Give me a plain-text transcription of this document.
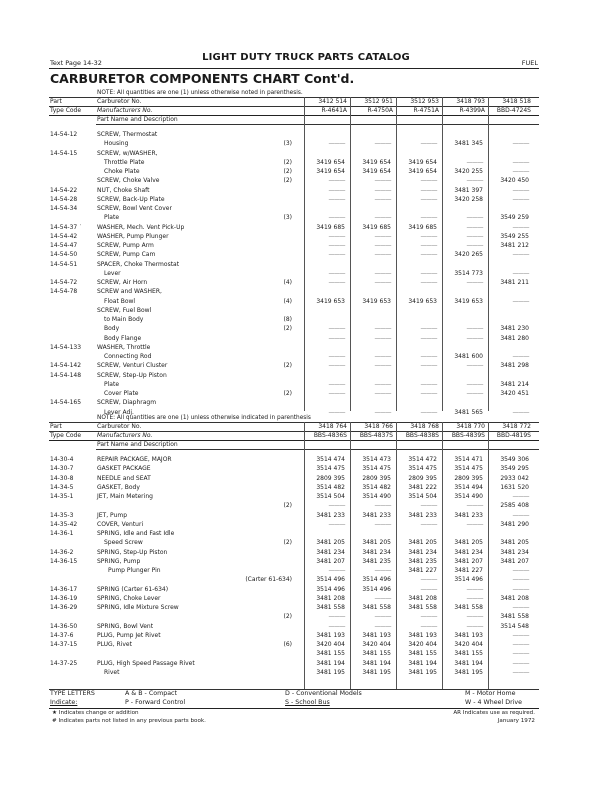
Text Page 14-32	LIGHT DUTY TRUCK PARTS CATALOG	FUEL
CARBURETOR COMPONENTS CHART Cont'd.
NOTE: All quantities are one (1) unless otherwise noted in parenthesis.
Part	Carburetor No.	3412 514	3512 951	3512 953	3418 793	3418 518
Type Code	Manufacturers No.	R-4641A	R-4750A	R-4751A	R-4399A	BBD-4724S
Part Name and Description
14-54-12	SCREW, Thermostat
Housing	(3)	———	———	———	3481 345	———
14-54-15	SCREW, w/WASHER,
Throttle Plate	(2)	3419 654	3419 654	3419 654	———	———
Choke Plate	(2)	3419 654	3419 654	3419 654	3420 255	———
SCREW, Choke Valve	(2)	———	———	———	———	3420 450
14-54-22	NUT, Choke Shaft	———	———	———	3481 397	———
14-54-28	SCREW, Back-Up Plate	———	———	———	3420 258	———
14-54-34	SCREW, Bowl Vent Cover
Plate	(3)	———	———	———	———	3549 259
14-54-37 ˙ WASHER, Mech. Vent Pick-Up	3419 685	3419 685	3419 685	———	———
14-54-42	WASHER, Pump Plunger	———	———	———	———	3549 255
14-54-47	SCREW, Pump Arm	———	———	———	———	3481 212
14-54-50	SCREW, Pump Cam	———	———	———	3420 265	———
14-54-51	SPACER, Choke Thermostat
Lever	———	———	———	3514 773	———
14-54-72	SCREW, Air Horn	(4)	———	———	———	———	3481 211
14-54-78	SCREW and WASHER,
Float Bowl	(4)	3419 653	3419 653	3419 653	3419 653	———
SCREW, Fuel Bowl
to Main Body	(8)
Body	(2)	———	———	———	———	3481 230
Body Flange	———	———	———	———	3481 280
14-54-133	WASHER, Throttle
Connecting Rod	———	———	———	3481 600	———
14-54-142	SCREW, Venturi Cluster	(2)	———	———	———	———	3481 298
14-54-148	SCREW, Step-Up Piston
Plate	———	———	———	———	3481 214
Cover Plate	(2)	———	———	———	———	3420 451
14-54-165	SCREW, Diaphragm
Lever Adj.	———	———	———	3481 565	———
NOTE: All quantities are one (1) unless otherwise indicated in parenthesis
Part	Carburetor No.	3418 764	3418 766	3418 768	3418 770	3418 772
Type Code	Manufacturers No.	BBS-4836S	BBS-4837S	BBS-4838S	BBS-4839S	BBD-4819S
Part Name and Description
14-30-4	REPAIR PACKAGE, MAJOR	3514 474	3514 473	3514 472	3514 471	3549 306
14-30-7	GASKET PACKAGE	3514 475	3514 475	3514 475	3514 475	3549 295
14-30-8	NEEDLE and SEAT	2809 395	2809 395	2809 395	2809 395	2933 042
14-34-5	GASKET, Body	3514 482	3514 482	3481 222	3514 494	1631 520
14-35-1	JET, Main Metering	3514 504	3514 490	3514 504	3514 490	———
(2)	———	———	———	———	2585 408
14-35-3	JET, Pump	3481 233	3481 233	3481 233	3481 233	———
14-35-42	COVER, Venturi	———	———	———	———	3481 290
14-36-1	SPRING, Idle and Fast Idle
Speed Screw	(2)	3481 205	3481 205	3481 205	3481 205	3481 205
14-36-2	SPRING, Step-Up Piston	3481 234	3481 234	3481 234	3481 234	3481 234
14-36-15	SPRING, Pump	3481 207	3481 235	3481 235	3481 207	3481 207
Pump Plunger Pin	———	———	3481 227	3481 227	———
(Carter 61-634)	3514 496	3514 496	———	3514 496	———
14-36-17	SPRING (Carter 61-634)	3514 496	3514 496	———	———	———
14-36-19	SPRING, Choke Lever	3481 208	———	3481 208	———	3481 208
14-36-29	SPRING, Idle Mixture Screw	3481 558	3481 558	3481 558	3481 558	———
(2)	———	———	———	———	3481 558
14-36-50	SPRING, Bowl Vent	———	———	———	———	3514 548
14-37-6	PLUG, Pump Jet Rivet	3481 193	3481 193	3481 193	3481 193	———
14-37-15	PLUG, Rivet	(6)	3420 404	3420 404	3420 404	3420 404	———
3481 155	3481 155	3481 155	3481 155	———
14-37-25	PLUG, High Speed Passage Rivet	3481 194	3481 194	3481 194	3481 194	———
Rivet	3481 195	3481 195	3481 195	3481 195	———
TYPE LETTERS	A & B - Compact	D - Conventional Models	M - Motor Home
Indicate:	P - Forward Control	S - School Bus	W - 4 Wheel Drive
★ Indicates change or addition
# Indicates parts not listed in any previous parts book.
AR Indicates use as required.
January 1972
